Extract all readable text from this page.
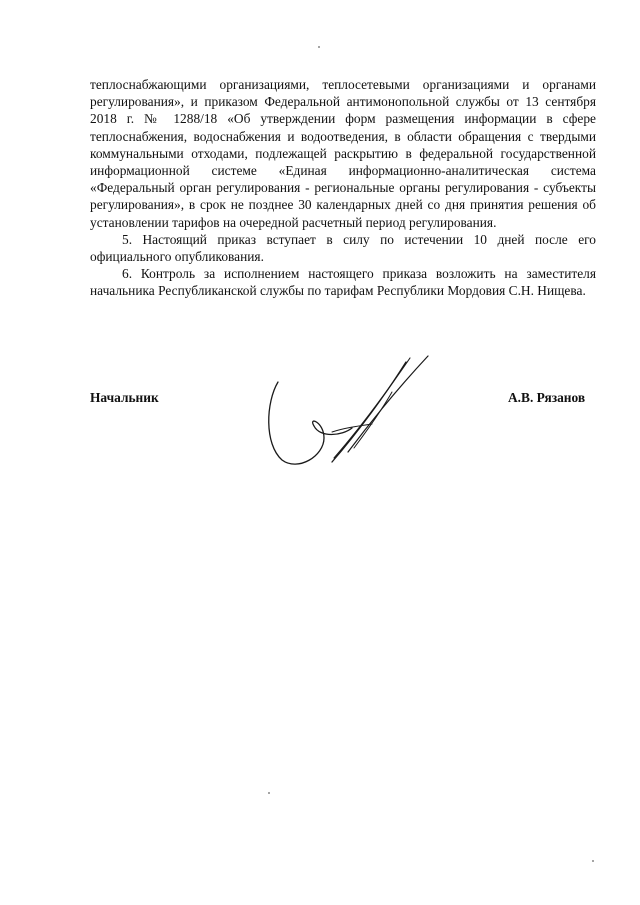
теплоснабжающими организациями, теплосетевыми организациями и органами регулирования», и приказом Федеральной антимонопольной службы от 13 сентября 2018 г. № 1288/18 «Об утверждении форм размещения информации в сфере теплоснабжения, водоснабжения и водоотведения, в области обращения с твердыми коммунальными отходами, подлежащей раскрытию в федеральной государственной информационной системе «Единая информационно-аналитическая система «Федеральный орган регулирования - региональные органы регулирования - субъекты регулирования», в срок не позднее 30 календарных дней со дня принятия решения об установлении тарифов на очередной расчетный период регулирования.

5. Настоящий приказ вступает в силу по истечении 10 дней после его официального опубликования.

6. Контроль за исполнением настоящего приказа возложить на заместителя начальника Республиканской службы по тарифам Республики Мордовия С.Н. Нищева.

Начальник	А.В. Рязанов
